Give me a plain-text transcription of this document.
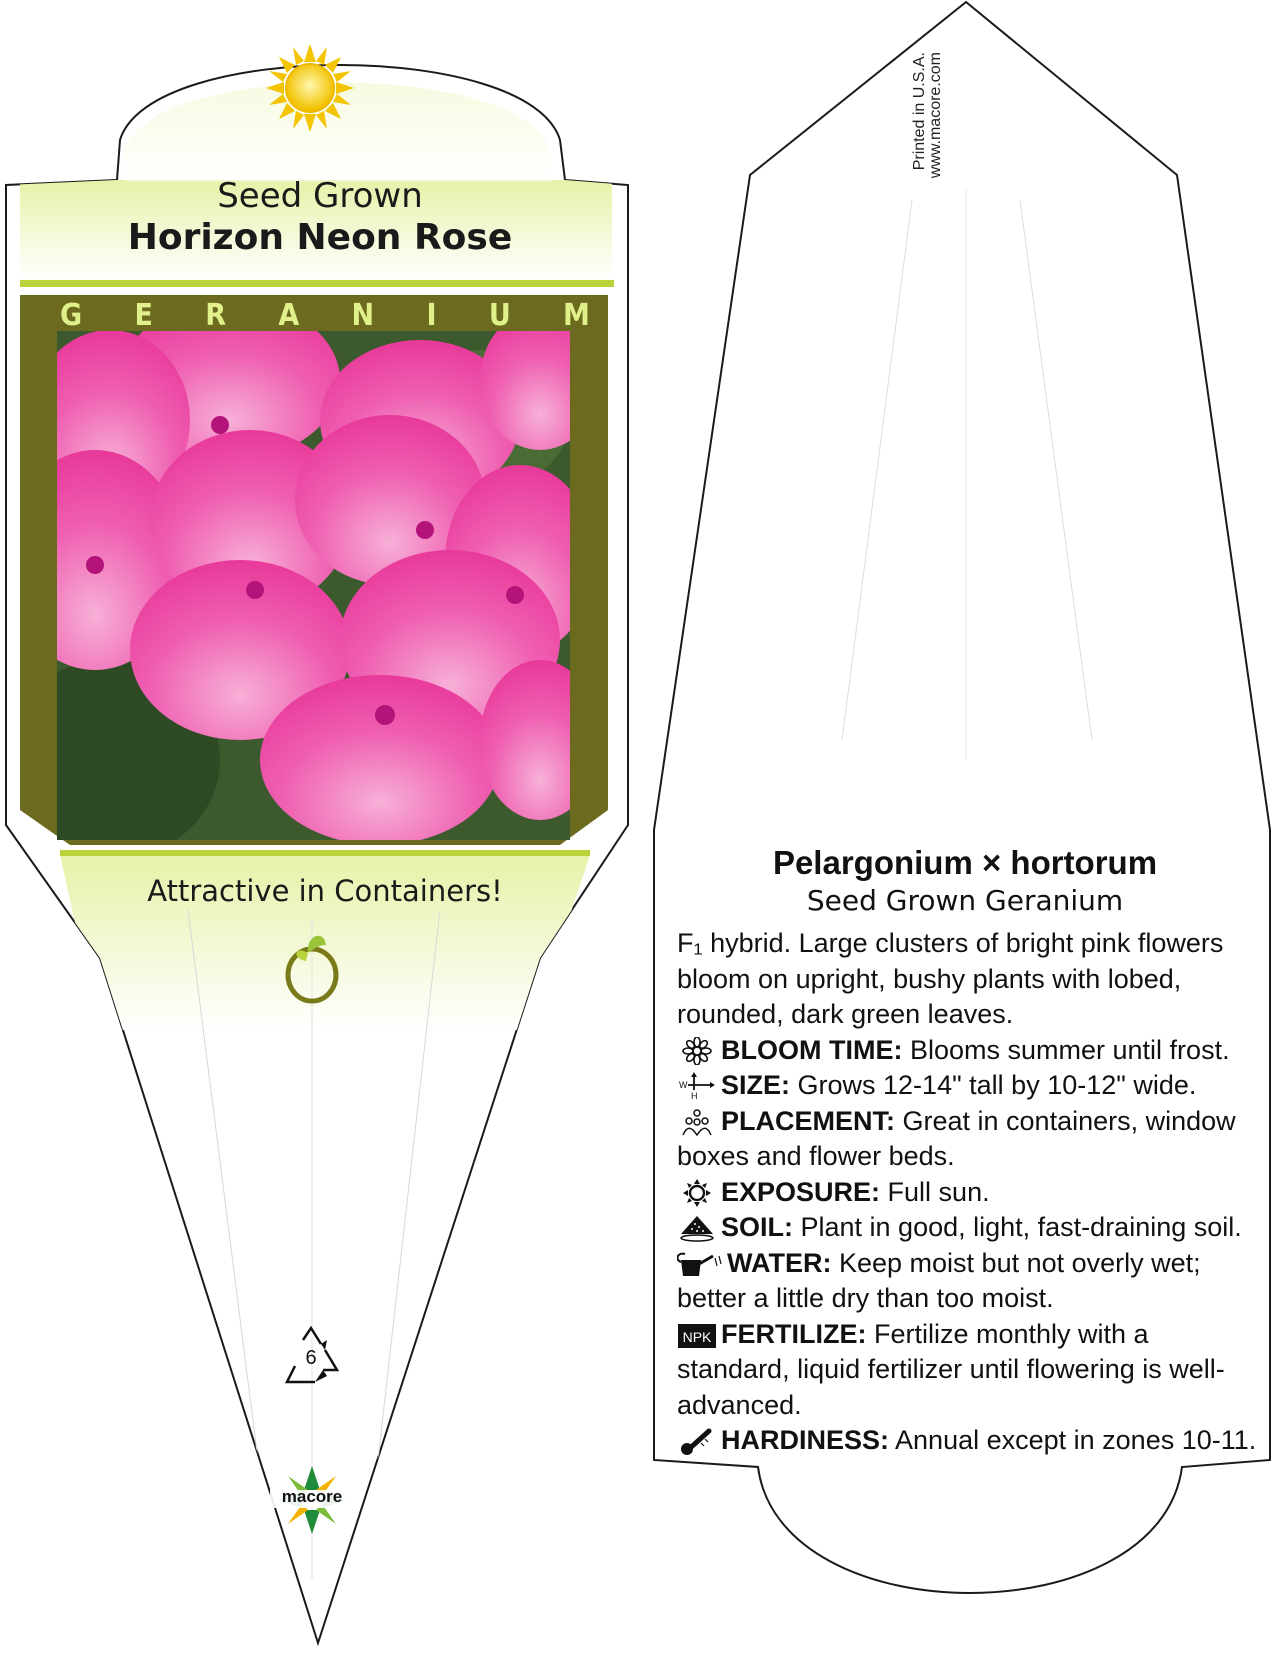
Seed Grown
Horizon Neon Rose
G E R A N I U M
Attractive in Containers!
6
macore
Printed in U.S.A. www.macore.com
Pelargonium × hortorum
Seed Grown Geranium
F₁ hybrid. Large clusters of bright pink flowers bloom on upright, bushy plants with lobed, rounded, dark green leaves.
BLOOM TIME: Blooms summer until frost.
W
H SIZE: Grows 12-14" tall by 10-12" wide.
PLACEMENT: Great in containers, window boxes and flower beds.
EXPOSURE: Full sun.
SOIL: Plant in good, light, fast-draining soil.
WATER: Keep moist but not overly wet; better a little dry than too moist.
NPK FERTILIZE: Fertilize monthly with a standard, liquid fertilizer until flowering is well-advanced.
HARDINESS: Annual except in zones 10-11.
